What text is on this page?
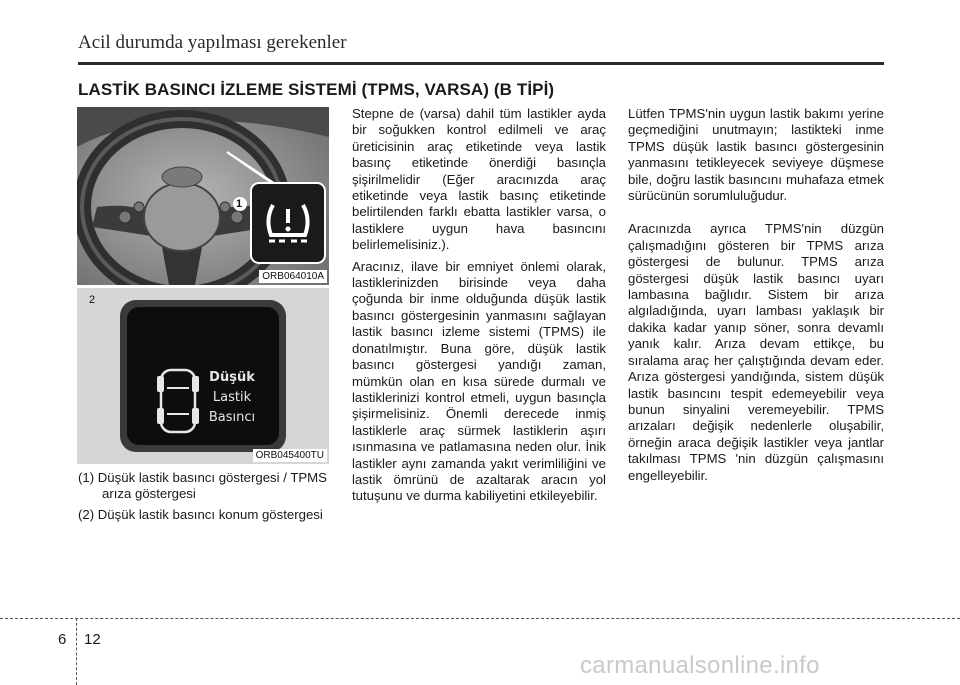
Acil durumda yapılması gerekenler
LASTİK BASINCI İZLEME SİSTEMİ (TPMS, VARSA) (B TİPİ)
1
ORB064010A
2
Düşük
Lastik
Basıncı
ORB045400TU

(1) Düşük lastik basıncı göstergesi / TPMS arıza göstergesi

(2) Düşük lastik basıncı konum göstergesi

Stepne de (varsa) dahil tüm lastikler ayda bir soğukken kontrol edilmeli ve araç üreticisinin araç etiketinde veya lastik basınç etiketinde önerdiği basınçla şişirilmelidir (Eğer aracınızda araç etiketinde veya lastik basınç etiketinde belirtilenden farklı ebatta lastikler varsa, o lastiklere uygun hava basıncını belirlemelisiniz.).

Aracınız, ilave bir emniyet önlemi olarak, lastiklerinizden birisinde veya daha çoğunda bir inme olduğunda düşük lastik basıncı göstergesinin yanmasını sağlayan lastik basıncı izleme sistemi (TPMS) ile donatılmıştır. Buna göre, düşük lastik basıncı göstergesi yandığı zaman, mümkün olan en kısa sürede durmalı ve lastiklerinizi kontrol etmeli, uygun basınçla şişirmelisiniz. Önemli derecede inmiş lastiklerle araç sürmek lastiklerin aşırı ısınmasına ve patlamasına neden olur. İnik lastikler aynı zamanda yakıt verimliliğini ve lastik ömrünü de azaltarak aracın yol tutuşunu ve durma kabiliyetini etkileyebilir.

Lütfen TPMS'nin uygun lastik bakımı yerine geçmediğini unutmayın; lastikteki inme TPMS düşük lastik basıncı göstergesinin yanmasını tetikleyecek seviyeye düşmese bile, doğru lastik basıncını muhafaza etmek sürücünün sorumluluğudur.

Aracınızda ayrıca TPMS'nin düzgün çalışmadığını gösteren bir TPMS arıza göstergesi de bulunur. TPMS arıza göstergesi düşük lastik basıncı uyarı lambasına bağlıdır. Sistem bir arıza algıladığında, uyarı lambası yaklaşık bir dakika kadar yanıp söner, sonra devamlı yanık kalır. Arıza devam ettikçe, bu sıralama araç her çalıştığında devam eder. Arıza göstergesi yandığında, sistem düşük lastik basıncını tespit edemeyebilir veya bunun sinyalini veremeyebilir. TPMS arızaları değişik nedenlerle oluşabilir, örneğin araca değişik lastikler veya jantlar takılması TPMS 'nin düzgün çalışmasını engelleyebilir.

6 12
carmanualsonline.info
